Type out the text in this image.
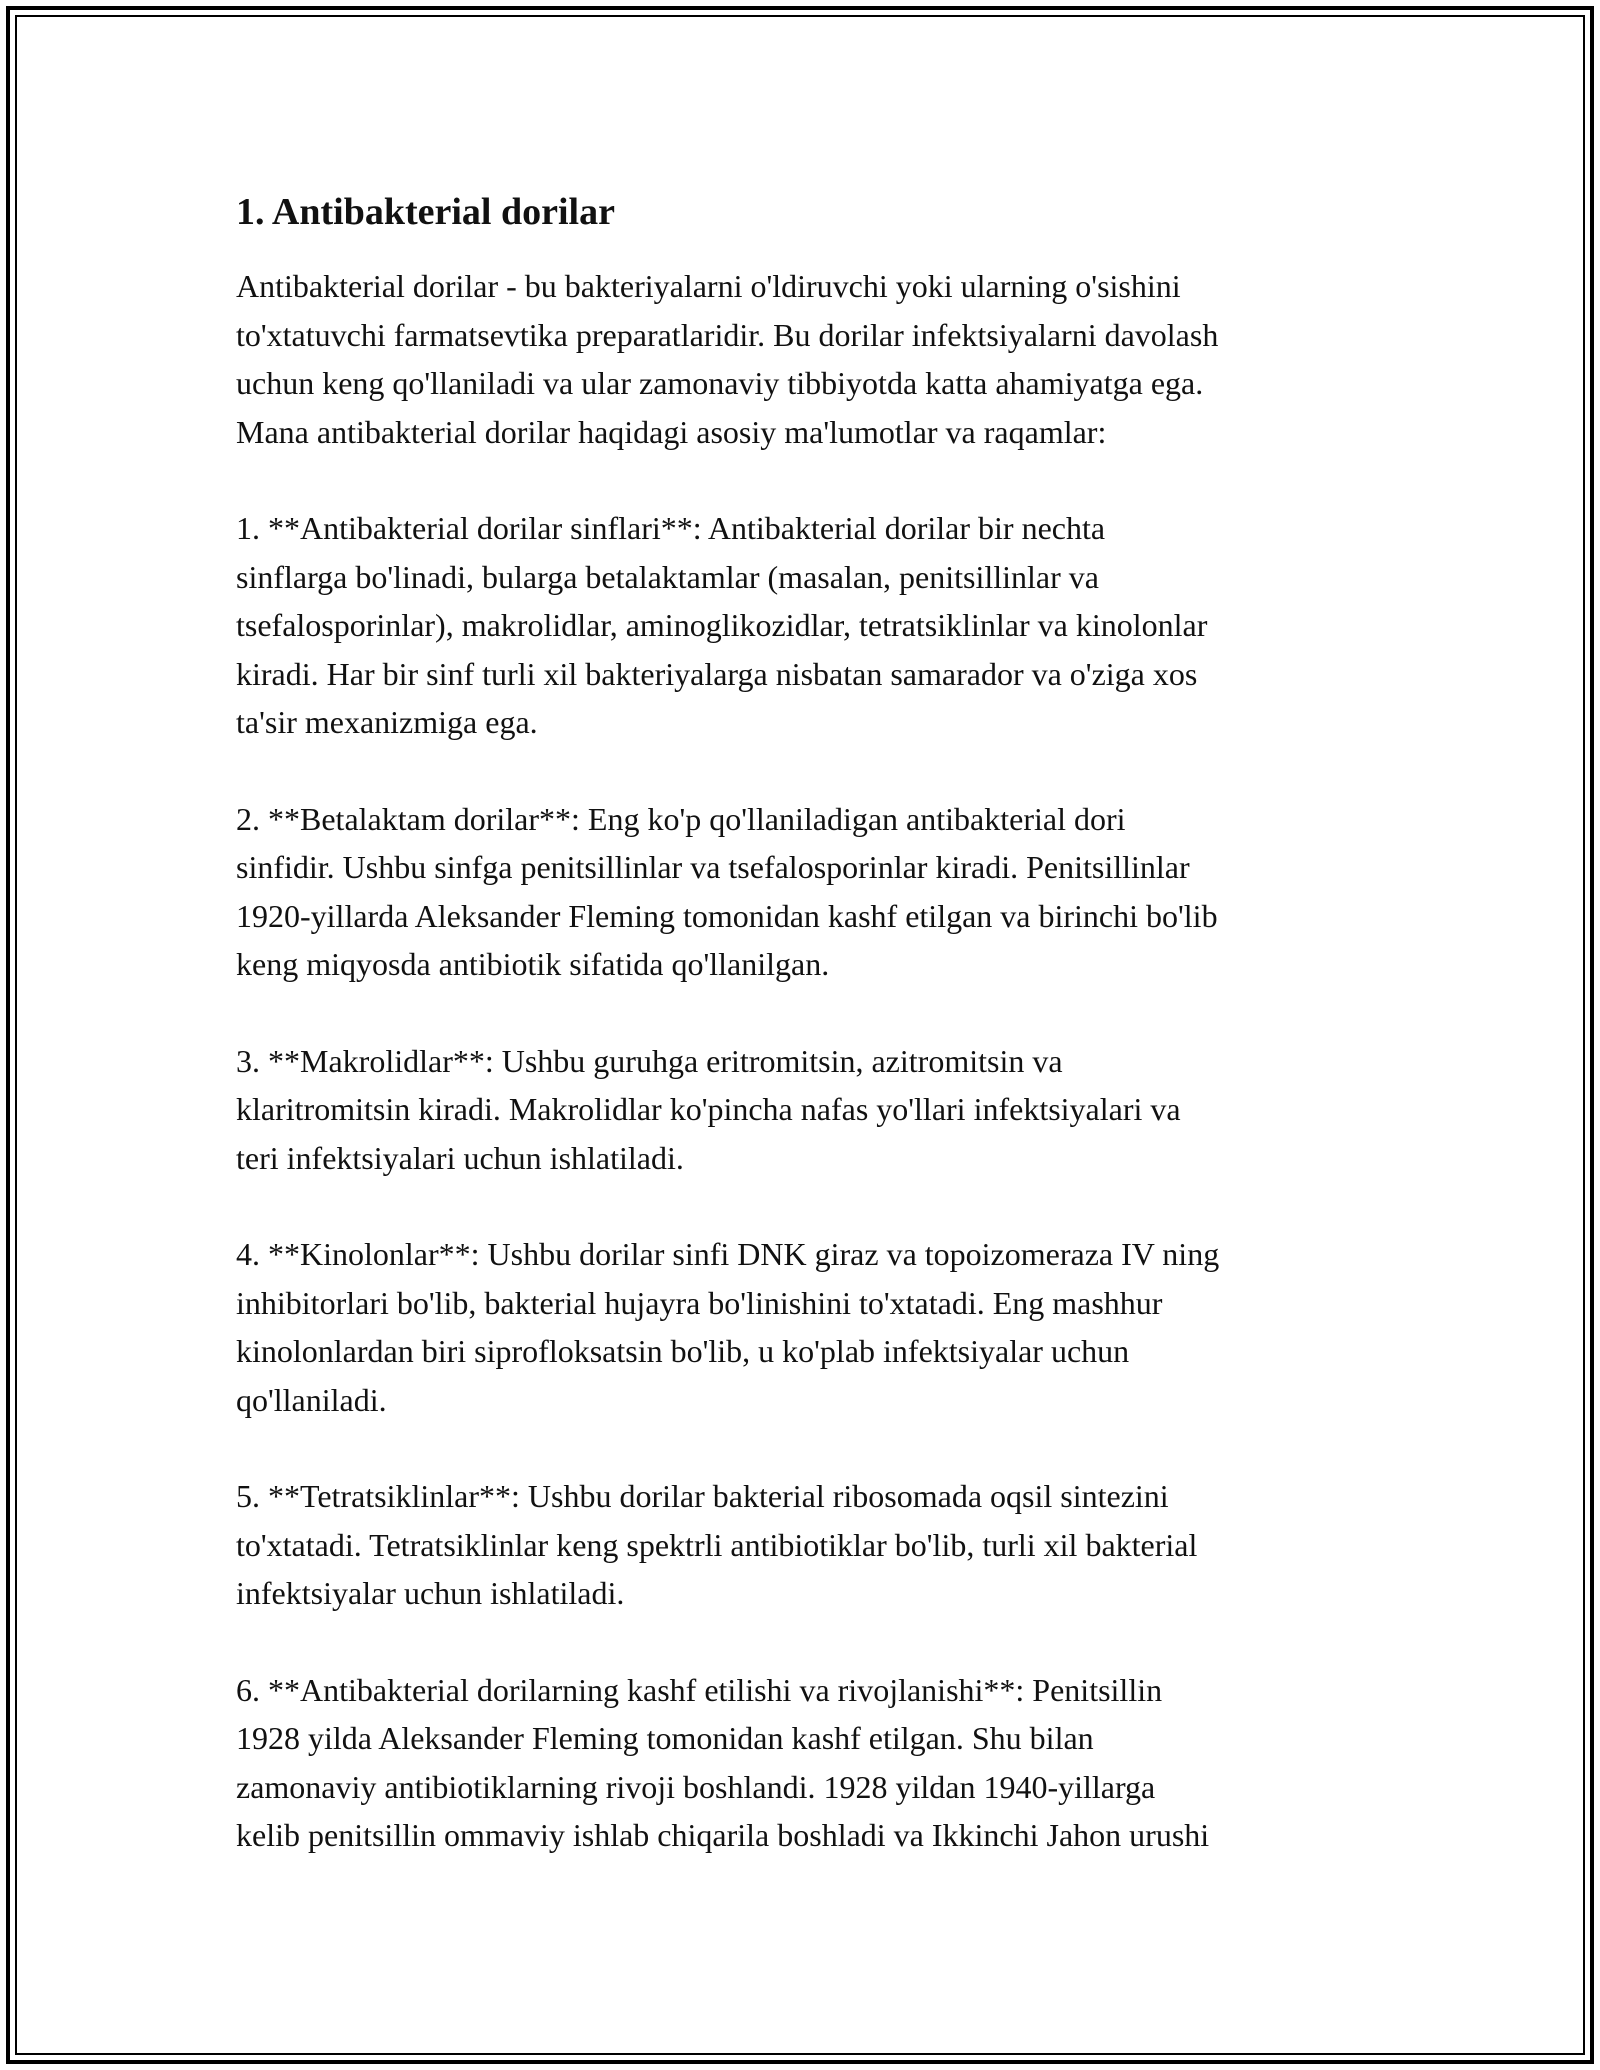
1. Antibakterial dorilar

Antibakterial dorilar - bu bakteriyalarni o'ldiruvchi yoki ularning o'sishini
to'xtatuvchi farmatsevtika preparatlaridir. Bu dorilar infektsiyalarni davolash
uchun keng qo'llaniladi va ular zamonaviy tibbiyotda katta ahamiyatga ega.
Mana antibakterial dorilar haqidagi asosiy ma'lumotlar va raqamlar:

1. **Antibakterial dorilar sinflari**: Antibakterial dorilar bir nechta
sinflarga bo'linadi, bularga betalaktamlar (masalan, penitsillinlar va
tsefalosporinlar), makrolidlar, aminoglikozidlar, tetratsiklinlar va kinolonlar
kiradi. Har bir sinf turli xil bakteriyalarga nisbatan samarador va o'ziga xos
ta'sir mexanizmiga ega.

2. **Betalaktam dorilar**: Eng ko'p qo'llaniladigan antibakterial dori
sinfidir. Ushbu sinfga penitsillinlar va tsefalosporinlar kiradi. Penitsillinlar
1920-yillarda Aleksander Fleming tomonidan kashf etilgan va birinchi bo'lib
keng miqyosda antibiotik sifatida qo'llanilgan.

3. **Makrolidlar**: Ushbu guruhga eritromitsin, azitromitsin va
klaritromitsin kiradi. Makrolidlar ko'pincha nafas yo'llari infektsiyalari va
teri infektsiyalari uchun ishlatiladi.

4. **Kinolonlar**: Ushbu dorilar sinfi DNK giraz va topoizomeraza IV ning
inhibitorlari bo'lib, bakterial hujayra bo'linishini to'xtatadi. Eng mashhur
kinolonlardan biri siprofloksatsin bo'lib, u ko'plab infektsiyalar uchun
qo'llaniladi.

5. **Tetratsiklinlar**: Ushbu dorilar bakterial ribosomada oqsil sintezini
to'xtatadi. Tetratsiklinlar keng spektrli antibiotiklar bo'lib, turli xil bakterial
infektsiyalar uchun ishlatiladi.

6. **Antibakterial dorilarning kashf etilishi va rivojlanishi**: Penitsillin
1928 yilda Aleksander Fleming tomonidan kashf etilgan. Shu bilan
zamonaviy antibiotiklarning rivoji boshlandi. 1928 yildan 1940-yillarga
kelib penitsillin ommaviy ishlab chiqarila boshladi va Ikkinchi Jahon urushi
